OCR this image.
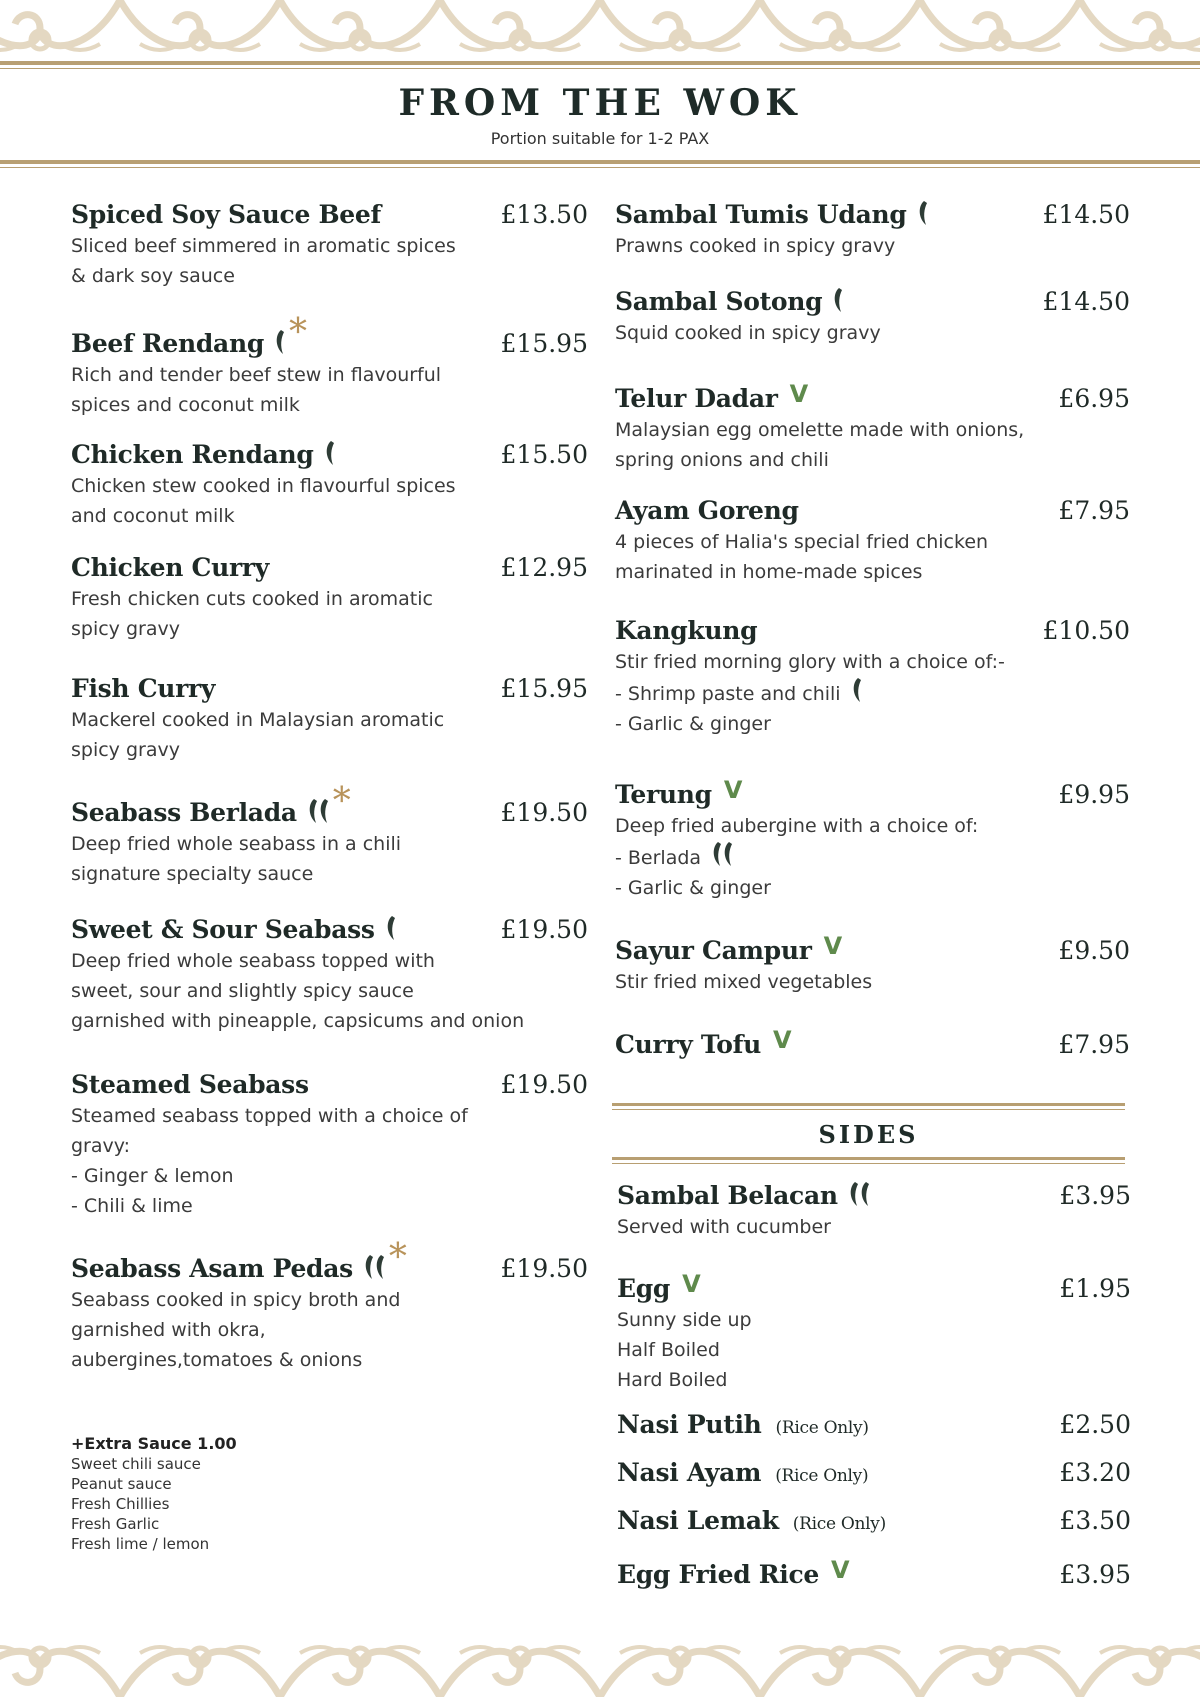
FROM THE WOK
Portion suitable for 1-2 PAX
Spiced Soy Sauce Beef	£13.50
Sliced beef simmered in aromatic spices
& dark soy sauce
Beef Rendang *	£15.95
Rich and tender beef stew in flavourful
spices and coconut milk
Chicken Rendang	£15.50
Chicken stew cooked in flavourful spices
and coconut milk
Chicken Curry	£12.95
Fresh chicken cuts cooked in aromatic
spicy gravy
Fish Curry	£15.95
Mackerel cooked in Malaysian aromatic
spicy gravy
Seabass Berlada *	£19.50
Deep fried whole seabass in a chili
signature specialty sauce
Sweet & Sour Seabass	£19.50
Deep fried whole seabass topped with
sweet, sour and slightly spicy sauce
garnished with pineapple, capsicums and onion
Steamed Seabass	£19.50
Steamed seabass topped with a choice of
gravy:
- Ginger & lemon
- Chili & lime
Seabass Asam Pedas *	£19.50
Seabass cooked in spicy broth and
garnished with okra,
aubergines,tomatoes & onions
Sambal Tumis Udang	£14.50
Prawns cooked in spicy gravy
Sambal Sotong	£14.50
Squid cooked in spicy gravy
Telur Dadar V	£6.95
Malaysian egg omelette made with onions,
spring onions and chili
Ayam Goreng	£7.95
4 pieces of Halia's special fried chicken
marinated in home-made spices
Kangkung	£10.50
Stir fried morning glory with a choice of:-
- Shrimp paste and chili
- Garlic & ginger
Terung V	£9.95
Deep fried aubergine with a choice of:
- Berlada
- Garlic & ginger
Sayur Campur V	£9.50
Stir fried mixed vegetables
Curry Tofu V	£7.95
Sambal Belacan	£3.95
Served with cucumber
Egg V	£1.95
Sunny side up
Half Boiled
Hard Boiled
Nasi Putih (Rice Only)	£2.50
Nasi Ayam (Rice Only)	£3.20
Nasi Lemak (Rice Only)	£3.50
Egg Fried Rice V	£3.95
SIDES
+Extra Sauce 1.00
Sweet chili sauce
Peanut sauce
Fresh Chillies
Fresh Garlic
Fresh lime / lemon
